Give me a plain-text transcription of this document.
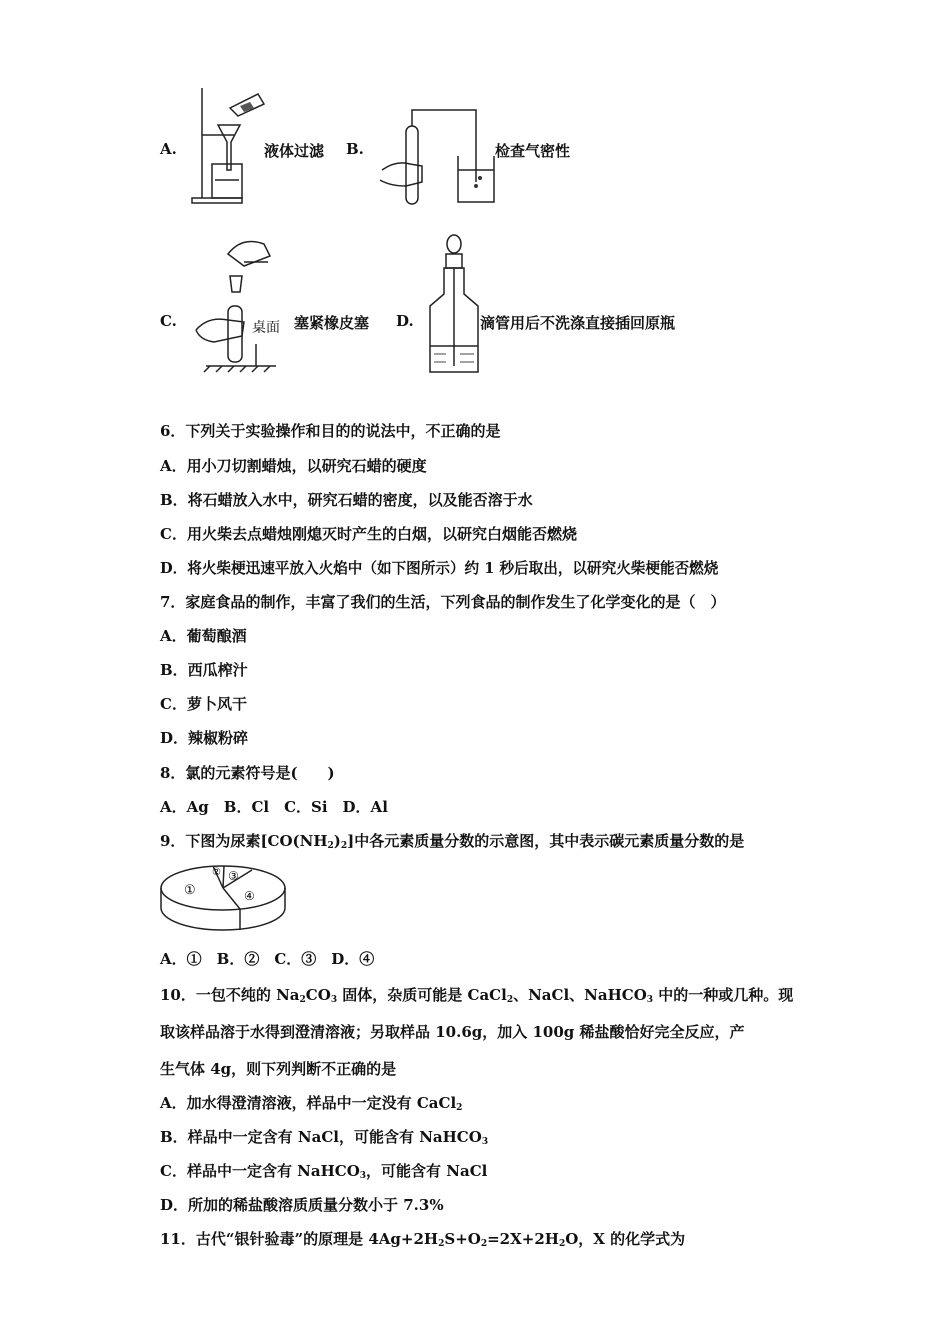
A.	液体过滤 B.	检查气密性
C.	桌面 塞紧橡皮塞 D.	滴管用后不洗涤直接插回原瓶
6．下列关于实验操作和目的的说法中，不正确的是
A．用小刀切割蜡烛，以研究石蜡的硬度
B．将石蜡放入水中，研究石蜡的密度，以及能否溶于水
C．用火柴去点蜡烛刚熄灭时产生的白烟，以研究白烟能否燃烧
D．将火柴梗迅速平放入火焰中（如下图所示）约 1 秒后取出，以研究火柴梗能否燃烧
7．家庭食品的制作，丰富了我们的生活，下列食品的制作发生了化学变化的是（　）
A．葡萄酿酒
B．西瓜榨汁
C．萝卜风干
D．辣椒粉碎
8．氯的元素符号是(　　)
A．Ag　B．Cl　C．Si　D．Al
9．下图为尿素$[CO(NH_2)_2]$中各元素质量分数的示意图，其中表示碳元素质量分数的是
①
② ③
④
A．①　B．②　C．③　D．④
10．一包不纯的 $Na_2CO_3$ 固体，杂质可能是 CaCl$_2$、NaCl、NaHCO$_3$ 中的一种或几种。现
取该样品溶于水得到澄清溶液；另取样品 10.6g，加入 100g 稀盐酸恰好完全反应，产
生气体 4g，则下列判断不正确的是
A．加水得澄清溶液，样品中一定没有 CaCl$_2$
B．样品中一定含有 NaCl，可能含有 NaHCO$_3$
C．样品中一定含有 NaHCO$_3$，可能含有 NaCl
D．所加的稀盐酸溶质质量分数小于 7.3%
11．古代“银针验毒”的原理是 $4Ag+2H_2S+O_2=2X+2H_2O$，X 的化学式为
